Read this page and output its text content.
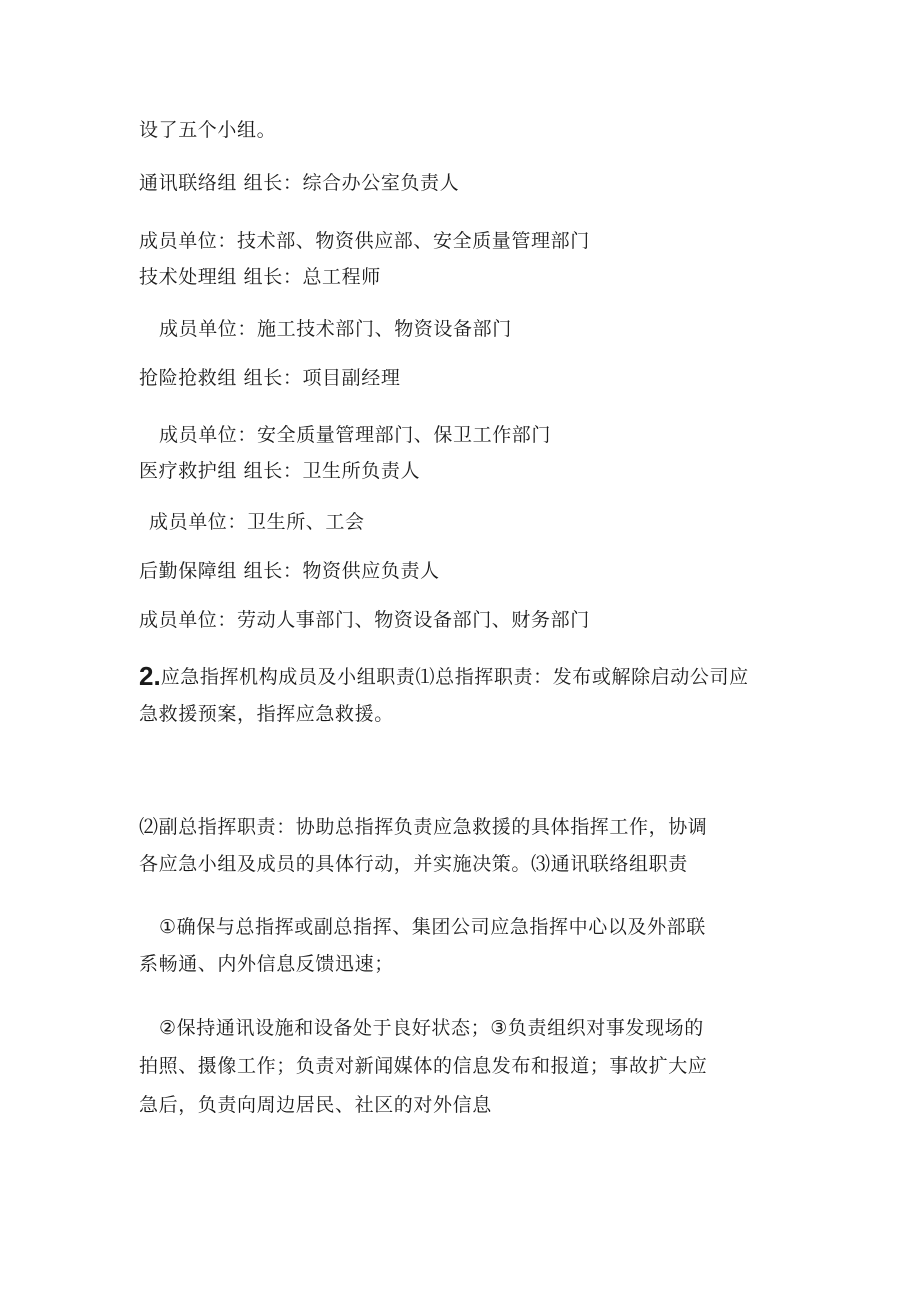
设了五个小组。
通讯联络组 组长：综合办公室负责人
成员单位：技术部、物资供应部、安全质量管理部门
技术处理组 组长：总工程师
成员单位：施工技术部门、物资设备部门
抢险抢救组 组长：项目副经理
成员单位：安全质量管理部门、保卫工作部门
医疗救护组 组长：卫生所负责人
成员单位：卫生所、工会
后勤保障组 组长：物资供应负责人
成员单位：劳动人事部门、物资设备部门、财务部门
2.应急指挥机构成员及小组职责⑴总指挥职责：发布或解除启动公司应
急救援预案，指挥应急救援。
⑵副总指挥职责：协助总指挥负责应急救援的具体指挥工作，协调
各应急小组及成员的具体行动，并实施决策。⑶通讯联络组职责
①确保与总指挥或副总指挥、集团公司应急指挥中心以及外部联
系畅通、内外信息反馈迅速；
②保持通讯设施和设备处于良好状态；③负责组织对事发现场的
拍照、摄像工作；负责对新闻媒体的信息发布和报道；事故扩大应
急后，负责向周边居民、社区的对外信息
